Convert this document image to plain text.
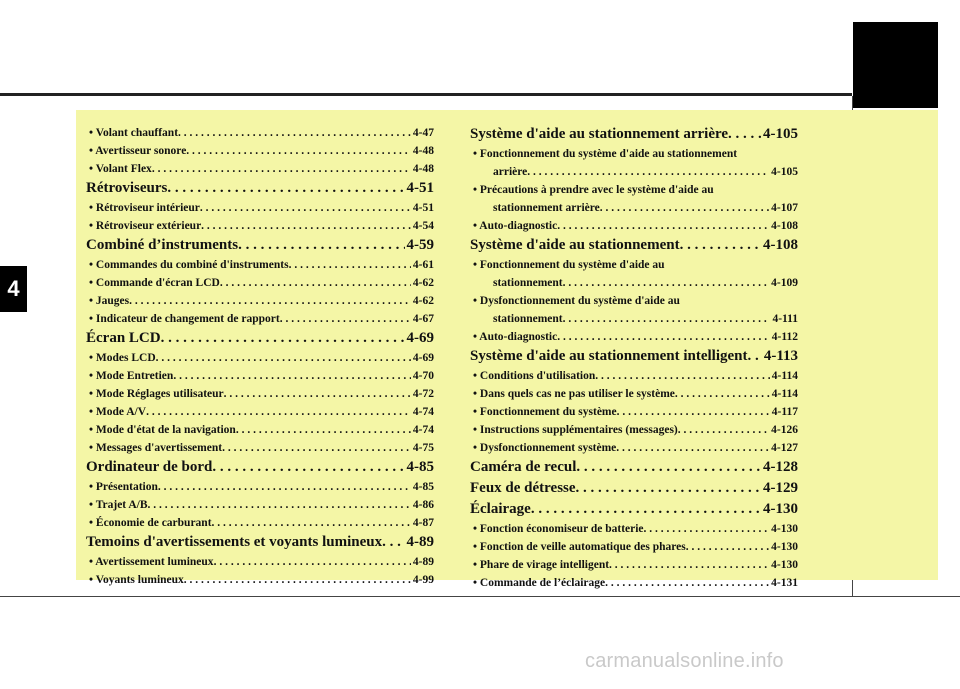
4
• Volant chauffant . . .	4-47
• Avertisseur sonore . . .	4-48
• Volant Flex . . .	4-48
Rétroviseurs . . .	4-51
• Rétroviseur intérieur . . .	4-51
• Rétroviseur extérieur . . .	4-54
Combiné d’instruments . . .	4-59
• Commandes du combiné d'instruments . . .	4-61
• Commande d'écran LCD . . .	4-62
• Jauges . . .	4-62
• Indicateur de changement de rapport . . .	4-67
Écran LCD . . .	4-69
• Modes LCD . . .	4-69
• Mode Entretien . . .	4-70
• Mode Réglages utilisateur . . .	4-72
• Mode A/V . . .	4-74
• Mode d'état de la navigation . . .	4-74
• Messages d'avertissement . . .	4-75
Ordinateur de bord . . .	4-85
• Présentation . . .	4-85
• Trajet A/B . . .	4-86
• Économie de carburant . . .	4-87
Temoins d'avertissements et voyants lumineux . . . 4-89
• Avertissement lumineux . . .	4-89
• Voyants lumineux . . .	4-99
Système d'aide au stationnement arrière . . . 4-105
• Fonctionnement du système d'aide au stationnement
arrière . . .	4-105
• Précautions à prendre avec le système d'aide au
stationnement arrière . . .	4-107
• Auto-diagnostic . . .	4-108
Système d'aide au stationnement . . .	4-108
• Fonctionnement du système d'aide au
stationnement . . .	4-109
• Dysfonctionnement du système d'aide au
stationnement . . .	4-111
• Auto-diagnostic . . .	4-112
Système d'aide au stationnement intelligent . . . 4-113
• Conditions d'utilisation . . .	4-114
• Dans quels cas ne pas utiliser le système . . .	4-114
• Fonctionnement du système . . .	4-117
• Instructions supplémentaires (messages) . . .	4-126
• Dysfonctionnement système . . .	4-127
Caméra de recul . . .	4-128
Feux de détresse . . .	4-129
Éclairage . . .	4-130
• Fonction économiseur de batterie . . .	4-130
• Fonction de veille automatique des phares . . .	4-130
• Phare de virage intelligent . . .	4-130
• Commande de l’éclairage . . .	4-131
carmanualsonline.info
